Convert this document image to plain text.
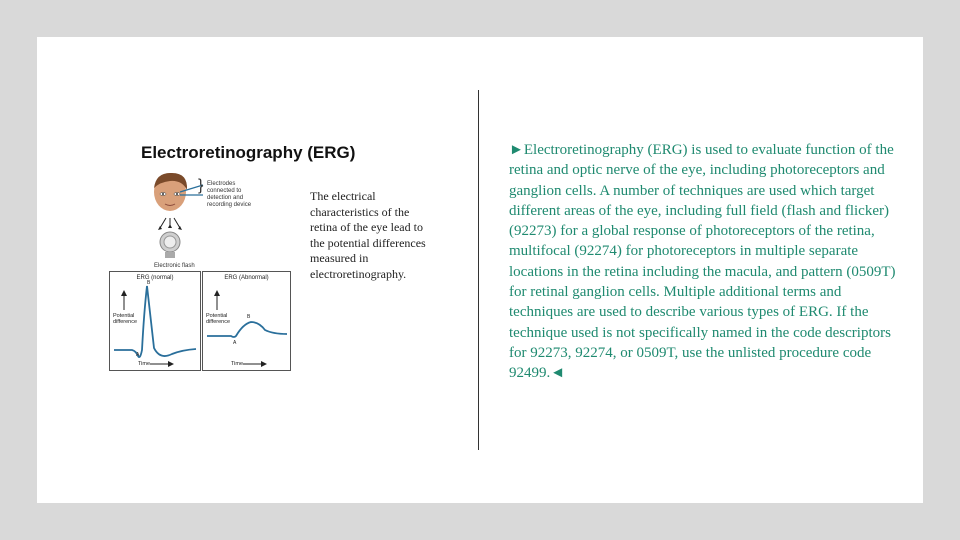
Electroretinography (ERG)
} Electrodes connected to detection and recording device
Electronic flash
ERG (normal)
B
A
Potential difference
Time
ERG (Abnormal)
B
A
Potential difference
Time
The electrical characteristics of the retina of the eye lead to the potential differences measured in electroretinography.
►Electroretinography (ERG) is used to evaluate function of the retina and optic nerve of the eye, including photoreceptors and ganglion cells. A number of techniques are used which target different areas of the eye, including full field (flash and flicker) (92273) for a global response of photoreceptors of the retina, multifocal (92274) for photoreceptors in multiple separate locations in the retina including the macula, and pattern (0509T) for retinal ganglion cells. Multiple additional terms and techniques are used to describe various types of ERG. If the technique used is not specifically named in the code descriptors for 92273, 92274, or 0509T, use the unlisted procedure code 92499.◄
